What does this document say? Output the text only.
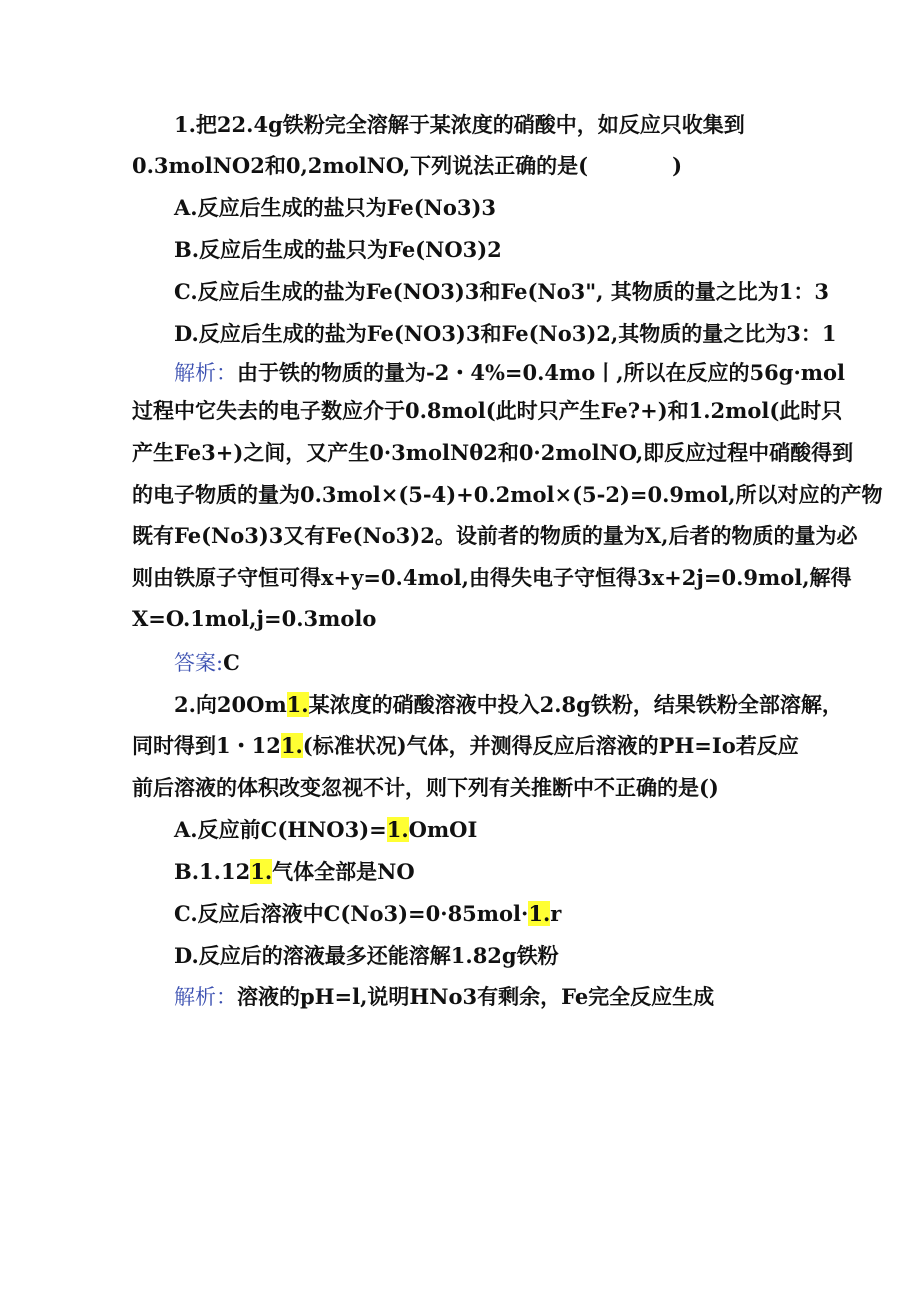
1.把22.4g铁粉完全溶解于某浓度的硝酸中，如反应只收集到
0.3molNO2和0,2molNO,下列说法正确的是(　　　　)
A.反应后生成的盐只为Fe(No3)3
B.反应后生成的盐只为Fe(NO3)2
C.反应后生成的盐为Fe(NO3)3和Fe(No3", 其物质的量之比为1：3
D.反应后生成的盐为Fe(NO3)3和Fe(No3)2,其物质的量之比为3：1
解析：由于铁的物质的量为-2・4%=0.4mo丨,所以在反应的56g·mol
过程中它失去的电子数应介于0.8mol(此时只产生Fe?+)和1.2mol(此时只
产生Fe3+)之间，又产生0·3molNθ2和0·2molNO,即反应过程中硝酸得到
的电子物质的量为0.3mol×(5-4)+0.2mol×(5-2)=0.9mol,所以对应的产物
既有Fe(No3)3又有Fe(No3)2。设前者的物质的量为X,后者的物质的量为必
则由铁原子守恒可得x+y=0.4mol,由得失电子守恒得3x+2j=0.9mol,解得
X=O.1mol,j=0.3molo
答案:C
2.向20Om1.某浓度的硝酸溶液中投入2.8g铁粉，结果铁粉全部溶解，
同时得到1・121.(标准状况)气体，并测得反应后溶液的PH=Io若反应
前后溶液的体积改变忽视不计，则下列有关推断中不正确的是()
A.反应前C(HNO3)=1.OmOI
B.1.121.气体全部是NO
C.反应后溶液中C(No3)=0·85mol·1.r
D.反应后的溶液最多还能溶解1.82g铁粉
解析：溶液的pH=l,说明HNo3有剩余，Fe完全反应生成
